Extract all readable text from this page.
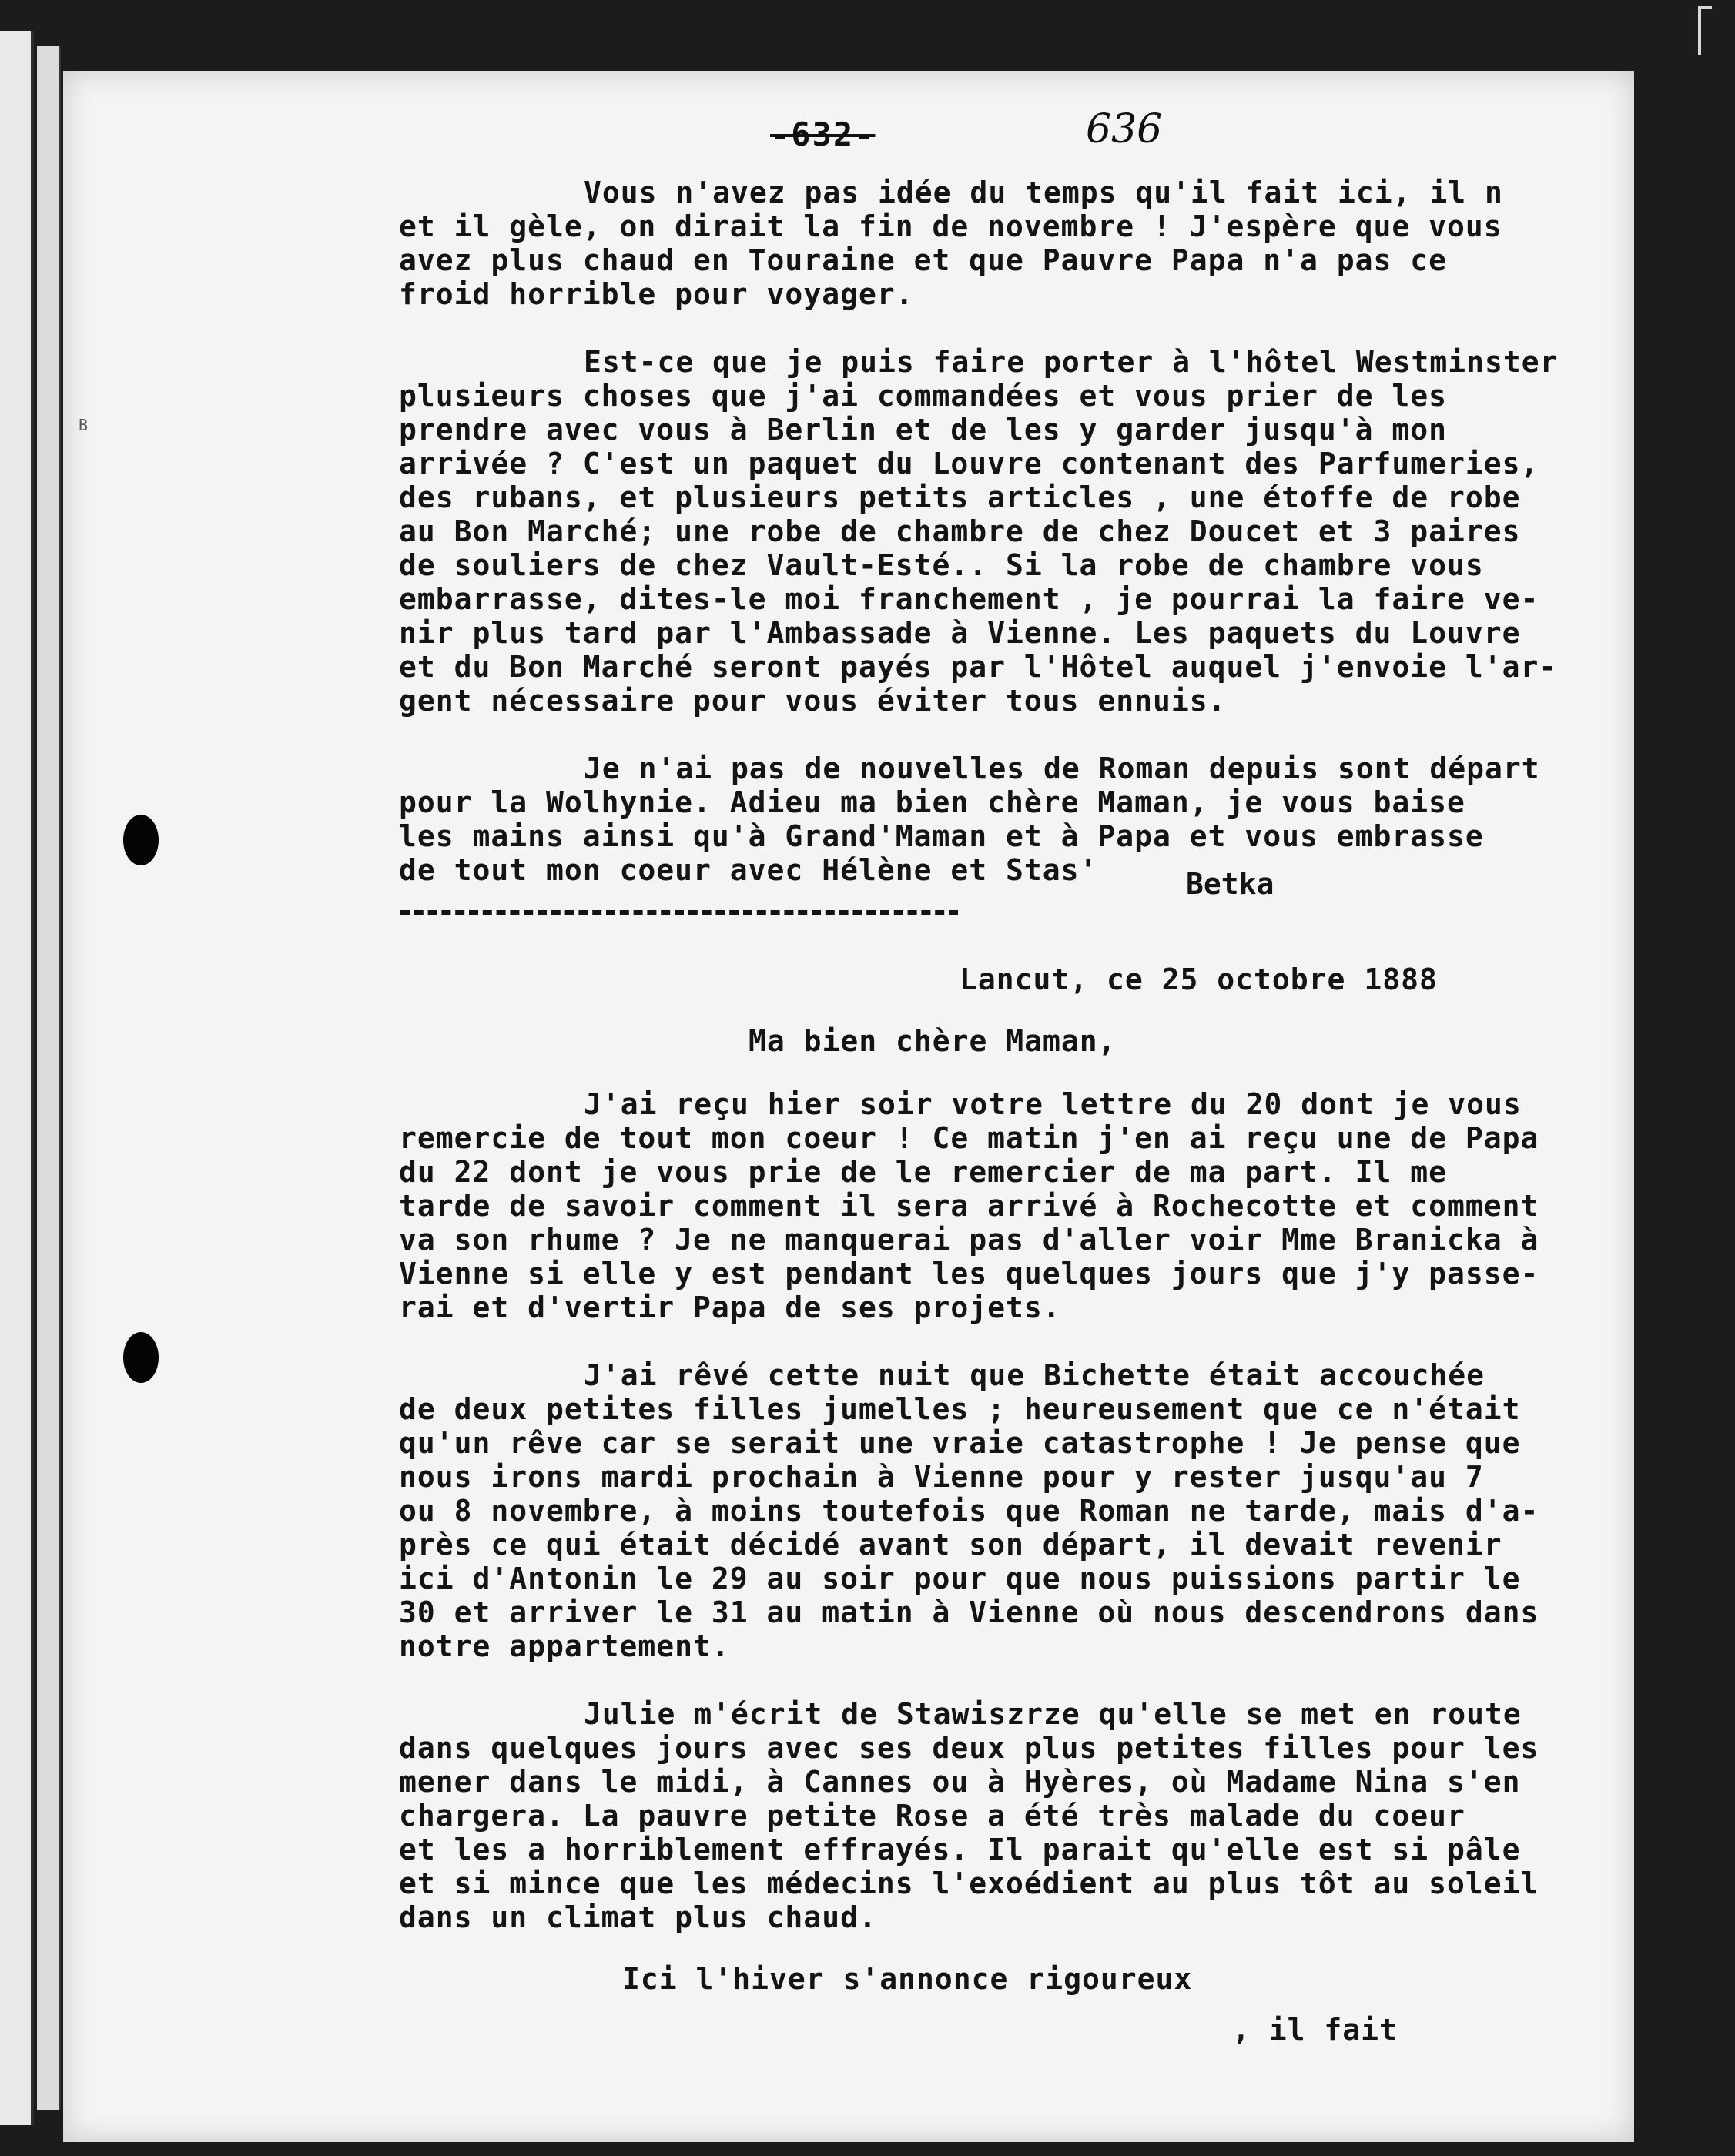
B
-632-	636

Vous n'avez pas idée du temps qu'il fait ici, il n
et il gèle, on dirait la fin de novembre ! J'espère que vous
avez plus chaud en Touraine et que Pauvre Papa n'a pas ce
froid horrible pour voyager.

Est-ce que je puis faire porter à l'hôtel Westminster
plusieurs choses que j'ai commandées et vous prier de les
prendre avec vous à Berlin et de les y garder jusqu'à mon
arrivée ? C'est un paquet du Louvre contenant des Parfumeries,
des rubans, et plusieurs petits articles , une étoffe de robe
au Bon Marché; une robe de chambre de chez Doucet et 3 paires
de souliers de chez Vault-Esté.. Si la robe de chambre vous
embarrasse, dites-le moi franchement , je pourrai la faire ve-
nir plus tard par l'Ambassade à Vienne. Les paquets du Louvre
et du Bon Marché seront payés par l'Hôtel auquel j'envoie l'ar-
gent nécessaire pour vous éviter tous ennuis.

Je n'ai pas de nouvelles de Roman depuis sont départ
pour la Wolhynie. Adieu ma bien chère Maman, je vous baise
les mains ainsi qu'à Grand'Maman et à Papa et vous embrasse
de tout mon coeur avec Hélène et Stas'	Betka
Lancut, ce 25 octobre 1888
Ma bien chère Maman,

J'ai reçu hier soir votre lettre du 20 dont je vous
remercie de tout mon coeur ! Ce matin j'en ai reçu une de Papa
du 22 dont je vous prie de le remercier de ma part. Il me
tarde de savoir comment il sera arrivé à Rochecotte et comment
va son rhume ? Je ne manquerai pas d'aller voir Mme Branicka à
Vienne si elle y est pendant les quelques jours que j'y passe-
rai et d'vertir Papa de ses projets.

J'ai rêvé cette nuit que Bichette était accouchée
de deux petites filles jumelles ; heureusement que ce n'était
qu'un rêve car se serait une vraie catastrophe ! Je pense que
nous irons mardi prochain à Vienne pour y rester jusqu'au 7
ou 8 novembre, à moins toutefois que Roman ne tarde, mais d'a-
près ce qui était décidé avant son départ, il devait revenir
ici d'Antonin le 29 au soir pour que nous puissions partir le
30 et arriver le 31 au matin à Vienne où nous descendrons dans
notre appartement.

Julie m'écrit de Stawiszrze qu'elle se met en route
dans quelques jours avec ses deux plus petites filles pour les
mener dans le midi, à Cannes ou à Hyères, où Madame Nina s'en
chargera. La pauvre petite Rose a été très malade du coeur
et les a horriblement effrayés. Il parait qu'elle est si pâle
et si mince que les médecins l'exoédient au plus tôt au soleil
dans un climat plus chaud.

Ici l'hiver s'annonce rigoureux
, il fait
